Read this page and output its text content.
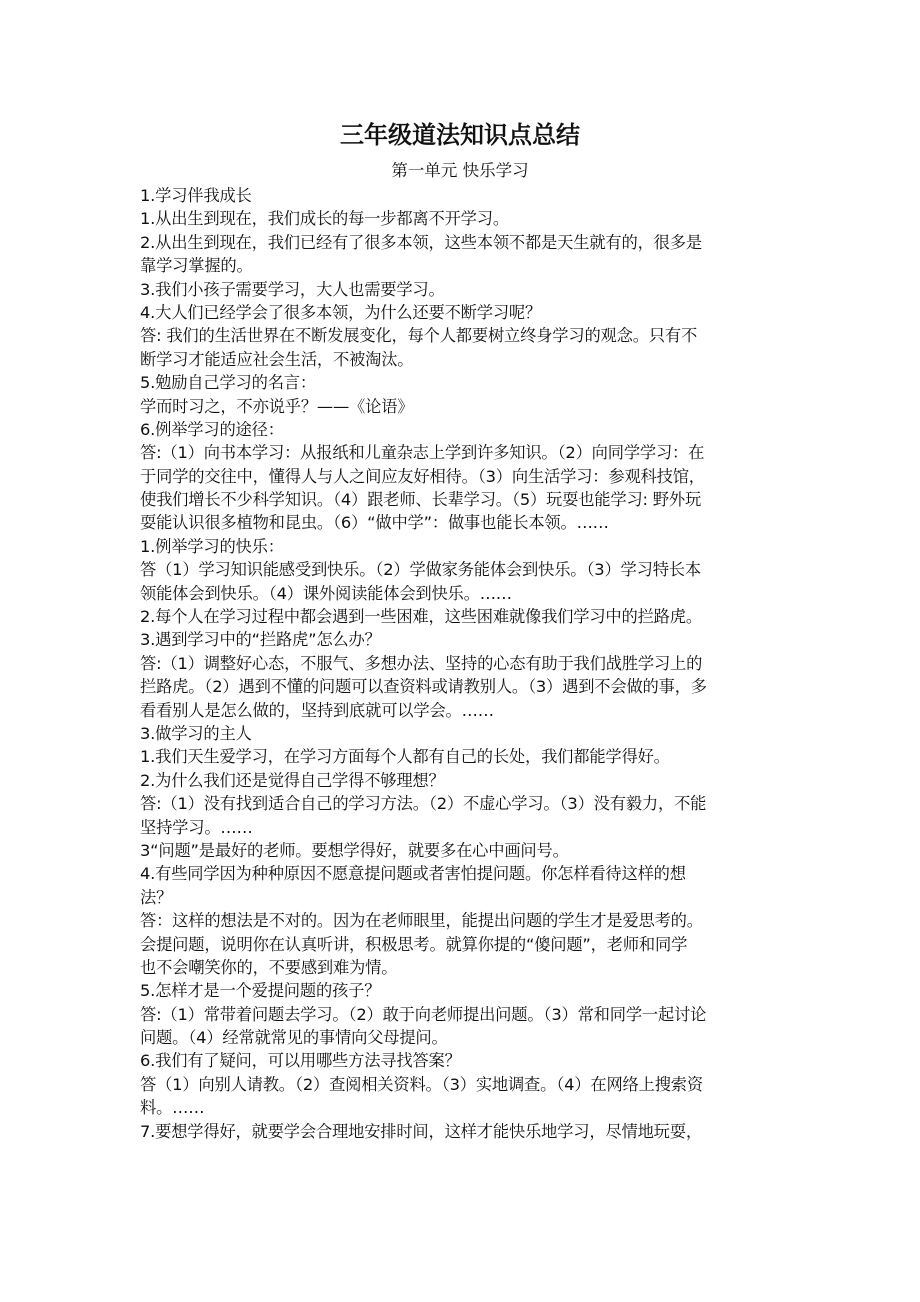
三年级道法知识点总结
第一单元 快乐学习
1.学习伴我成长
1.从出生到现在，我们成长的每一步都离不开学习。
2.从出生到现在，我们已经有了很多本领，这些本领不都是天生就有的，很多是
靠学习掌握的。
3.我们小孩子需要学习，大人也需要学习。
4.大人们已经学会了很多本领，为什么还要不断学习呢？
答: 我们的生活世界在不断发展变化，每个人都要树立终身学习的观念。只有不
断学习才能适应社会生活，不被淘汰。
5.勉励自己学习的名言：
学而时习之，不亦说乎？——《论语》
6.例举学习的途径：
答:（1）向书本学习：从报纸和儿童杂志上学到许多知识。（2）向同学学习：在
于同学的交往中，懂得人与人之间应友好相待。（3）向生活学习：参观科技馆，
使我们增长不少科学知识。（4）跟老师、长辈学习。（5）玩耍也能学习: 野外玩
耍能认识很多植物和昆虫。（6）“做中学”：做事也能长本领。……
1.例举学习的快乐：
答（1）学习知识能感受到快乐。（2）学做家务能体会到快乐。（3）学习特长本
领能体会到快乐。（4）课外阅读能体会到快乐。……
2.每个人在学习过程中都会遇到一些困难，这些困难就像我们学习中的拦路虎。
3.遇到学习中的“拦路虎”怎么办？
答:（1）调整好心态，不服气、多想办法、坚持的心态有助于我们战胜学习上的
拦路虎。（2）遇到不懂的问题可以查资料或请教别人。（3）遇到不会做的事，多
看看别人是怎么做的，坚持到底就可以学会。……
3.做学习的主人
1.我们天生爱学习，在学习方面每个人都有自己的长处，我们都能学得好。
2.为什么我们还是觉得自己学得不够理想？
答:（1）没有找到适合自己的学习方法。（2）不虚心学习。（3）没有毅力，不能
坚持学习。……
3“问题”是最好的老师。要想学得好，就要多在心中画问号。
4.有些同学因为种种原因不愿意提问题或者害怕提问题。你怎样看待这样的想
法？
答：这样的想法是不对的。因为在老师眼里，能提出问题的学生才是爱思考的。
会提问题，说明你在认真听讲，积极思考。就算你提的“傻问题”，老师和同学
也不会嘲笑你的，不要感到难为情。
5.怎样才是一个爱提问题的孩子？
答:（1）常带着问题去学习。（2）敢于向老师提出问题。（3）常和同学一起讨论
问题。（4）经常就常见的事情向父母提问。
6.我们有了疑问，可以用哪些方法寻找答案？
答（1）向别人请教。（2）查阅相关资料。（3）实地调查。（4）在网络上搜索资
料。……
7.要想学得好，就要学会合理地安排时间，这样才能快乐地学习，尽情地玩耍，
